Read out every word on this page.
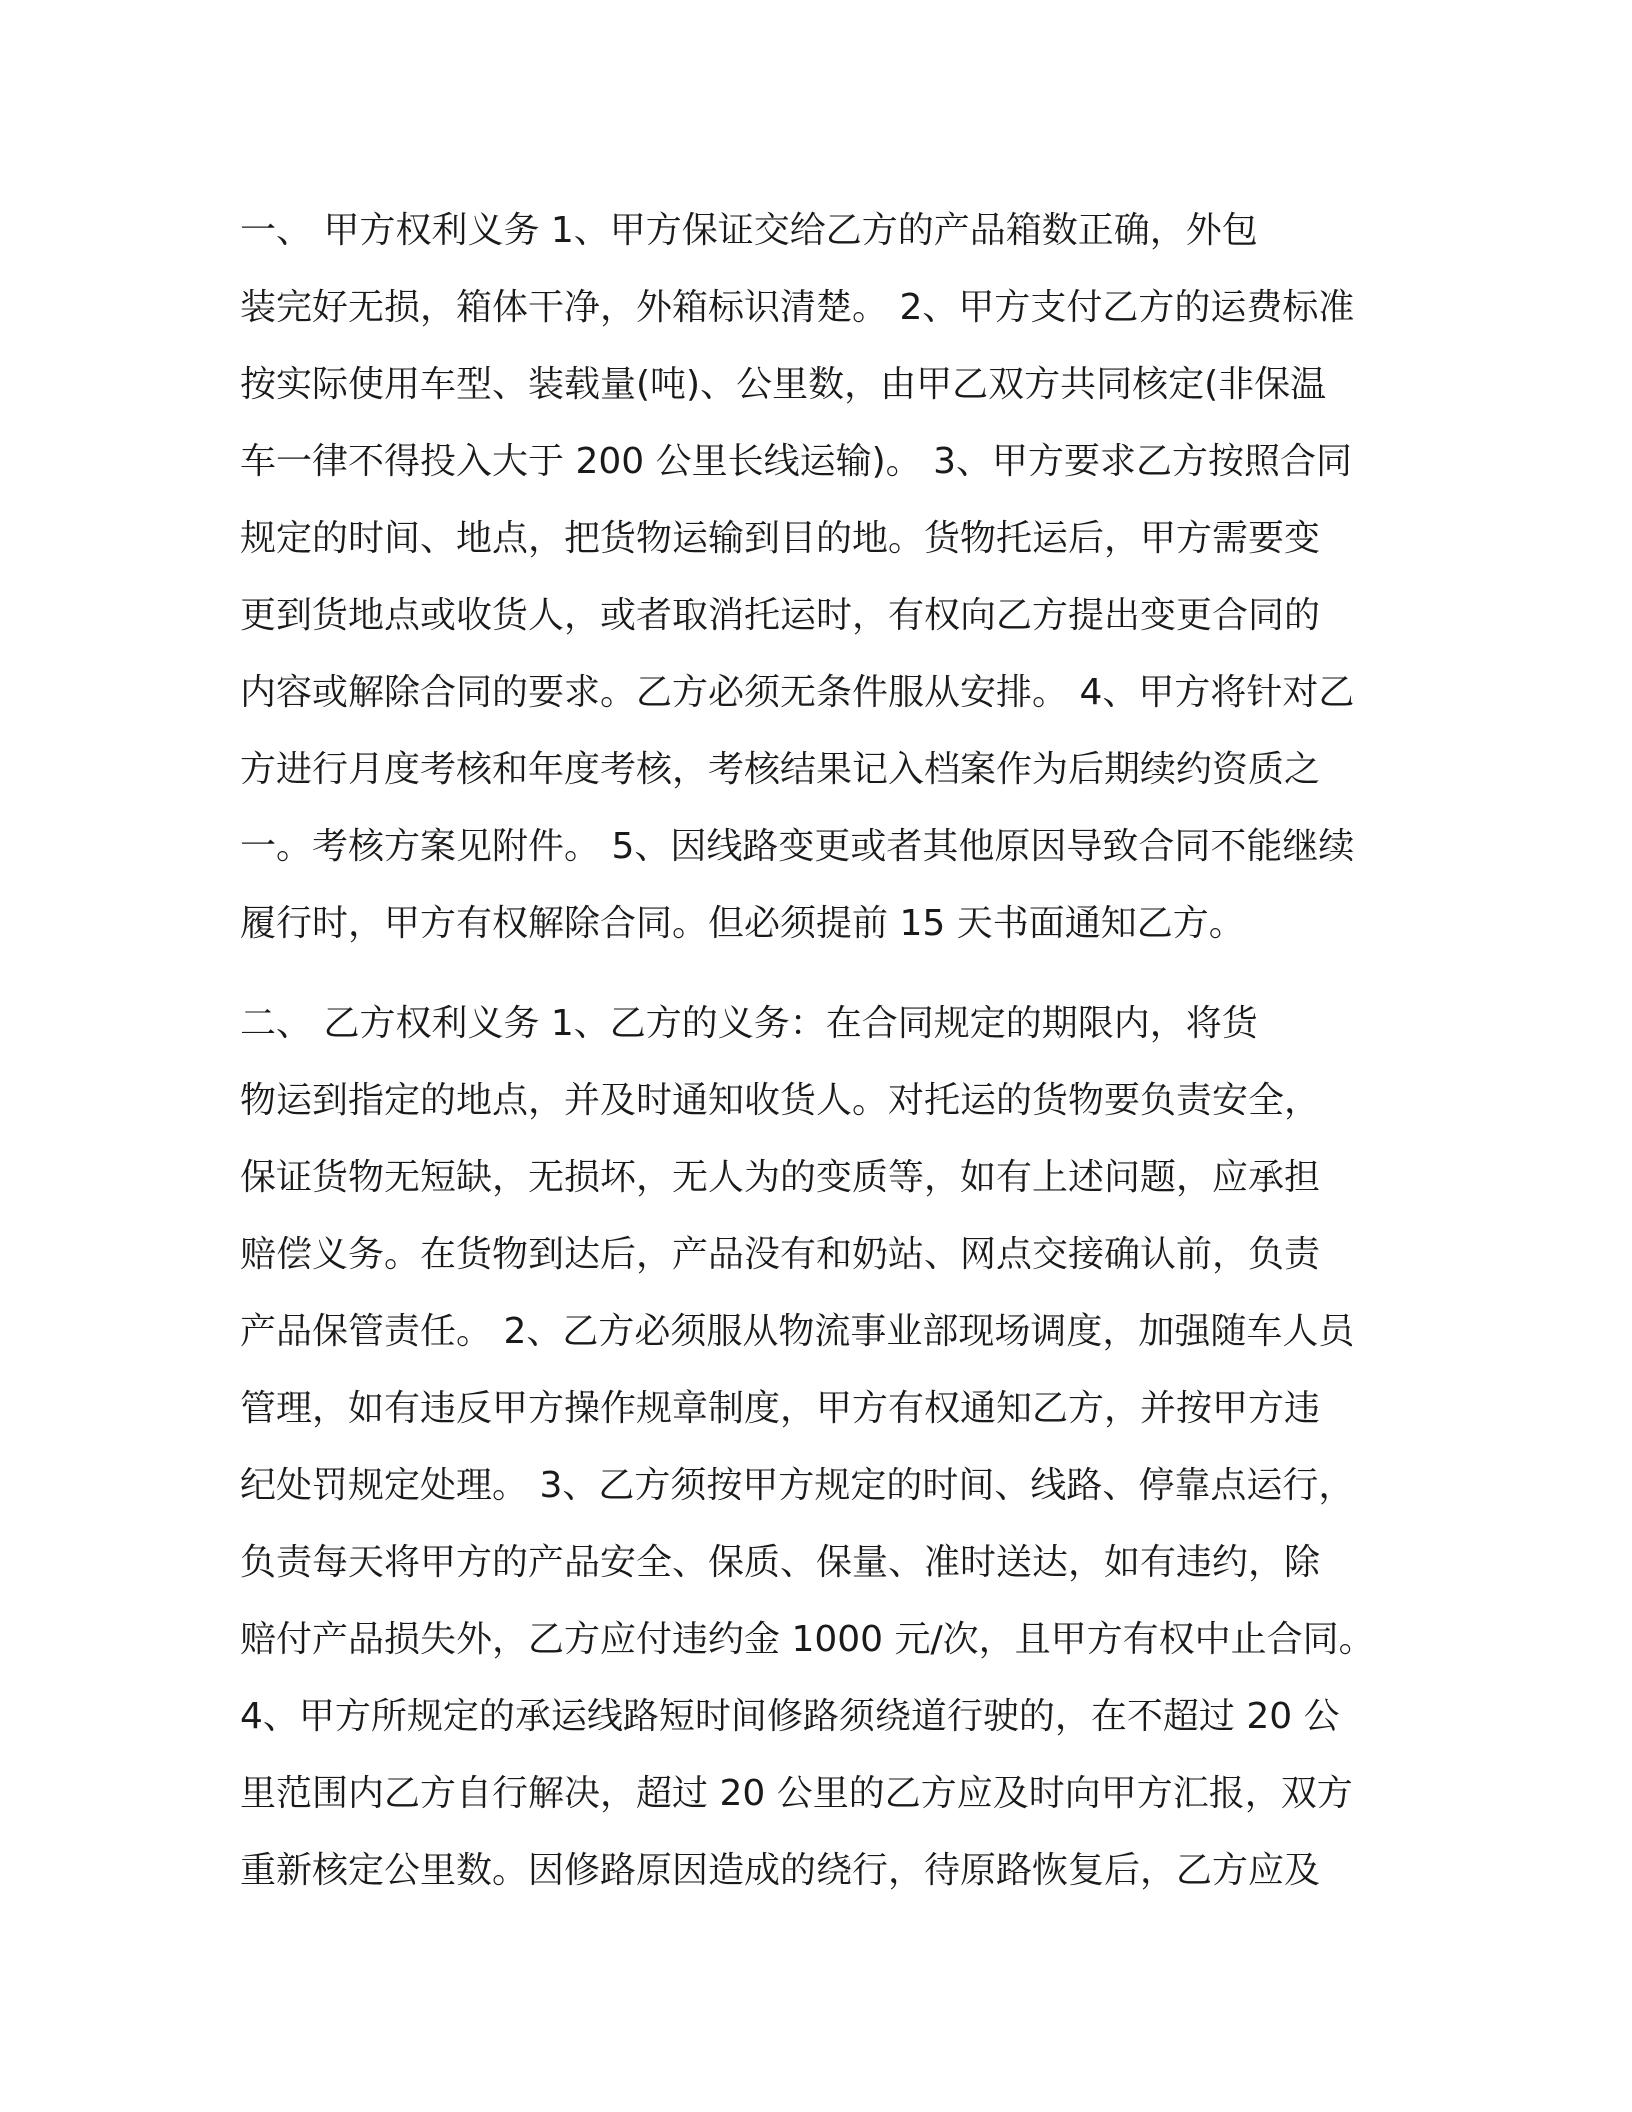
一、 甲方权利义务 1、甲方保证交给乙方的产品箱数正确，外包
装完好无损，箱体干净，外箱标识清楚。 2、甲方支付乙方的运费标准
按实际使用车型、装载量(吨)、公里数，由甲乙双方共同核定(非保温
车一律不得投入大于 200 公里长线运输)。 3、甲方要求乙方按照合同
规定的时间、地点，把货物运输到目的地。货物托运后，甲方需要变
更到货地点或收货人，或者取消托运时，有权向乙方提出变更合同的
内容或解除合同的要求。乙方必须无条件服从安排。 4、甲方将针对乙
方进行月度考核和年度考核，考核结果记入档案作为后期续约资质之
一。考核方案见附件。 5、因线路变更或者其他原因导致合同不能继续
履行时，甲方有权解除合同。但必须提前 15 天书面通知乙方。
二、 乙方权利义务 1、乙方的义务：在合同规定的期限内，将货
物运到指定的地点，并及时通知收货人。对托运的货物要负责安全，
保证货物无短缺，无损坏，无人为的变质等，如有上述问题，应承担
赔偿义务。在货物到达后，产品没有和奶站、网点交接确认前，负责
产品保管责任。 2、乙方必须服从物流事业部现场调度，加强随车人员
管理，如有违反甲方操作规章制度，甲方有权通知乙方，并按甲方违
纪处罚规定处理。 3、乙方须按甲方规定的时间、线路、停靠点运行，
负责每天将甲方的产品安全、保质、保量、准时送达，如有违约，除
赔付产品损失外，乙方应付违约金 1000 元/次，且甲方有权中止合同。
4、甲方所规定的承运线路短时间修路须绕道行驶的，在不超过 20 公
里范围内乙方自行解决，超过 20 公里的乙方应及时向甲方汇报，双方
重新核定公里数。因修路原因造成的绕行，待原路恢复后，乙方应及
